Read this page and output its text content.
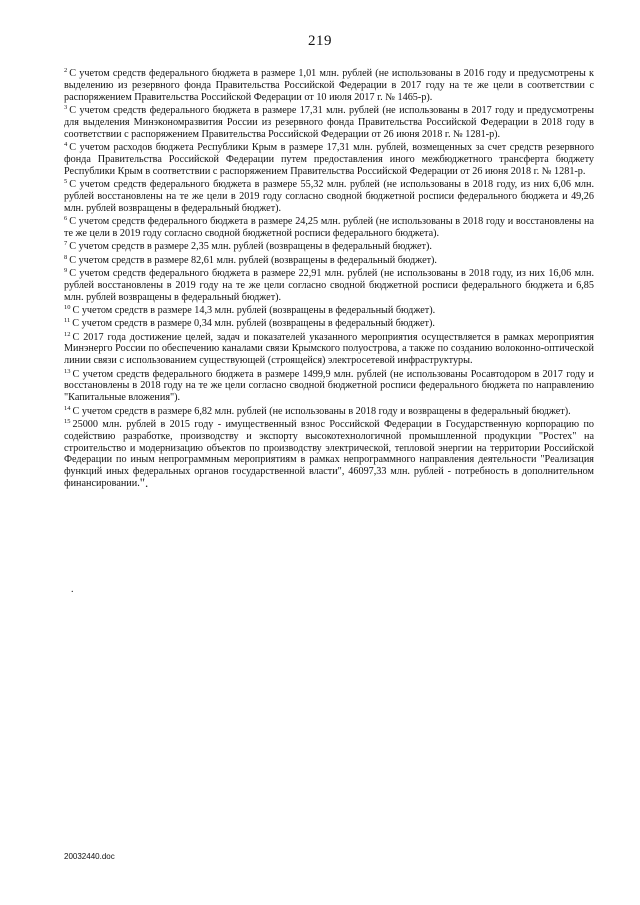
219

$^2$ С учетом средств федерального бюджета в размере 1,01 млн. рублей (не использованы в 2016 году и предусмотрены к выделению из резервного фонда Правительства Российской Федерации в 2017 году на те же цели в соответствии с распоряжением Правительства Российской Федерации от 10 июля 2017 г. № 1465-р).

$^3$ С учетом средств федерального бюджета в размере 17,31 млн. рублей (не использованы в 2017 году и предусмотрены для выделения Минэкономразвития России из резервного фонда Правительства Российской Федерации в 2018 году в соответствии с распоряжением Правительства Российской Федерации от 26 июня 2018 г. № 1281-р).

$^4$ С учетом расходов бюджета Республики Крым в размере 17,31 млн. рублей, возмещенных за счет средств резервного фонда Правительства Российской Федерации путем предоставления иного межбюджетного трансферта бюджету Республики Крым в соответствии с распоряжением Правительства Российской Федерации от 26 июня 2018 г. № 1281-р.

$^5$ С учетом средств федерального бюджета в размере 55,32 млн. рублей (не использованы в 2018 году, из них 6,06 млн. рублей восстановлены на те же цели в 2019 году согласно сводной бюджетной росписи федерального бюджета и 49,26 млн. рублей возвращены в федеральный бюджет).

$^6$ С учетом средств федерального бюджета в размере 24,25 млн. рублей (не использованы в 2018 году и восстановлены на те же цели в 2019 году согласно сводной бюджетной росписи федерального бюджета).

$^7$ С учетом средств в размере 2,35 млн. рублей (возвращены в федеральный бюджет).

$^8$ С учетом средств в размере 82,61 млн. рублей (возвращены в федеральный бюджет).

$^9$ С учетом средств федерального бюджета в размере 22,91 млн. рублей (не использованы в 2018 году, из них 16,06 млн. рублей восстановлены в 2019 году на те же цели согласно сводной бюджетной росписи федерального бюджета и 6,85 млн. рублей возвращены в федеральный бюджет).

$^{10}$ С учетом средств в размере 14,3 млн. рублей (возвращены в федеральный бюджет).

$^{11}$ С учетом средств в размере 0,34 млн. рублей (возвращены в федеральный бюджет).

$^{12}$ С 2017 года достижение целей, задач и показателей указанного мероприятия осуществляется в рамках мероприятия Минэнерго России по обеспечению каналами связи Крымского полуострова, а также по созданию волоконно-оптической линии связи с использованием существующей (строящейся) электросетевой инфраструктуры.

$^{13}$ С учетом средств федерального бюджета в размере 1499,9 млн. рублей (не использованы Росавтодором в 2017 году и восстановлены в 2018 году на те же цели согласно сводной бюджетной росписи федерального бюджета по направлению "Капитальные вложения").

$^{14}$ С учетом средств в размере 6,82 млн. рублей (не использованы в 2018 году и возвращены в федеральный бюджет).

$^{15}$ 25000 млн. рублей в 2015 году - имущественный взнос Российской Федерации в Государственную корпорацию по содействию разработке, производству и экспорту высокотехнологичной промышленной продукции "Ростех" на строительство и модернизацию объектов по производству электрической, тепловой энергии на территории Российской Федерации по иным непрограммным мероприятиям в рамках непрограммного направления деятельности "Реализация функций иных федеральных органов государственной власти", 46097,33 млн. рублей - потребность в дополнительном финансировании.".

.
20032440.doc
